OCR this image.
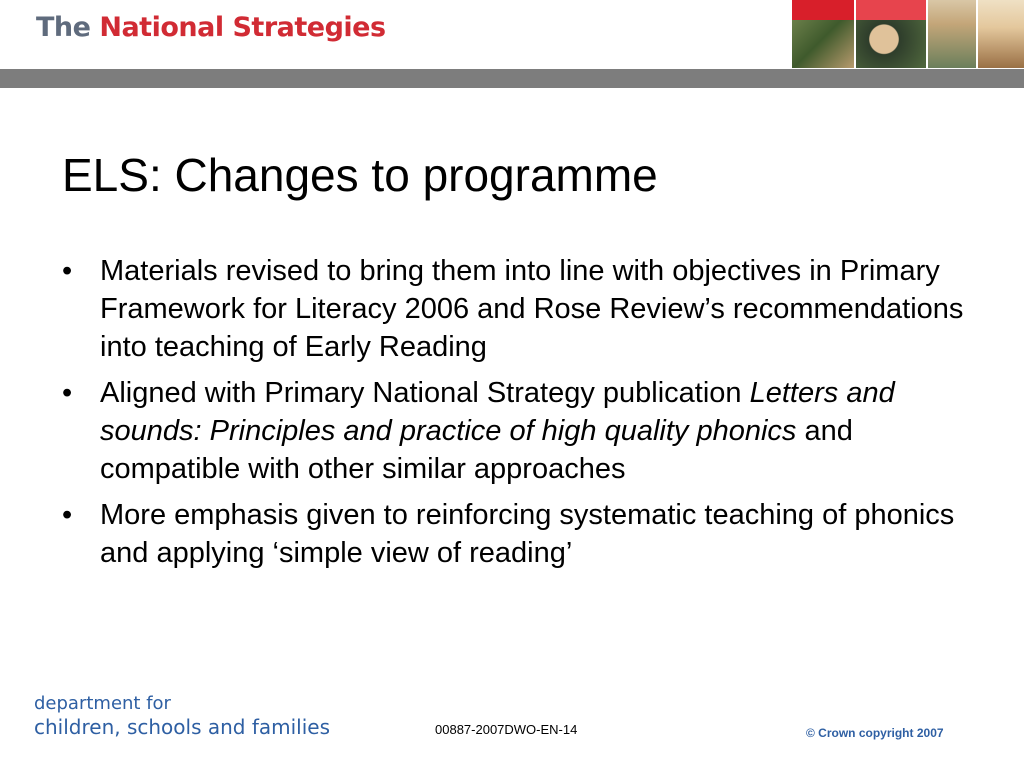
The National Strategies
ELS: Changes to programme
• Materials revised to bring them into line with objectives in Primary Framework for Literacy 2006 and Rose Review’s recommendations into teaching of Early Reading
• Aligned with Primary National Strategy publication Letters and sounds: Principles and practice of high quality phonics and compatible with other similar approaches
• More emphasis given to reinforcing systematic teaching of phonics and applying ‘simple view of reading’
department for
children, schools and families	00887-2007DWO-EN-14	© Crown copyright 2007
